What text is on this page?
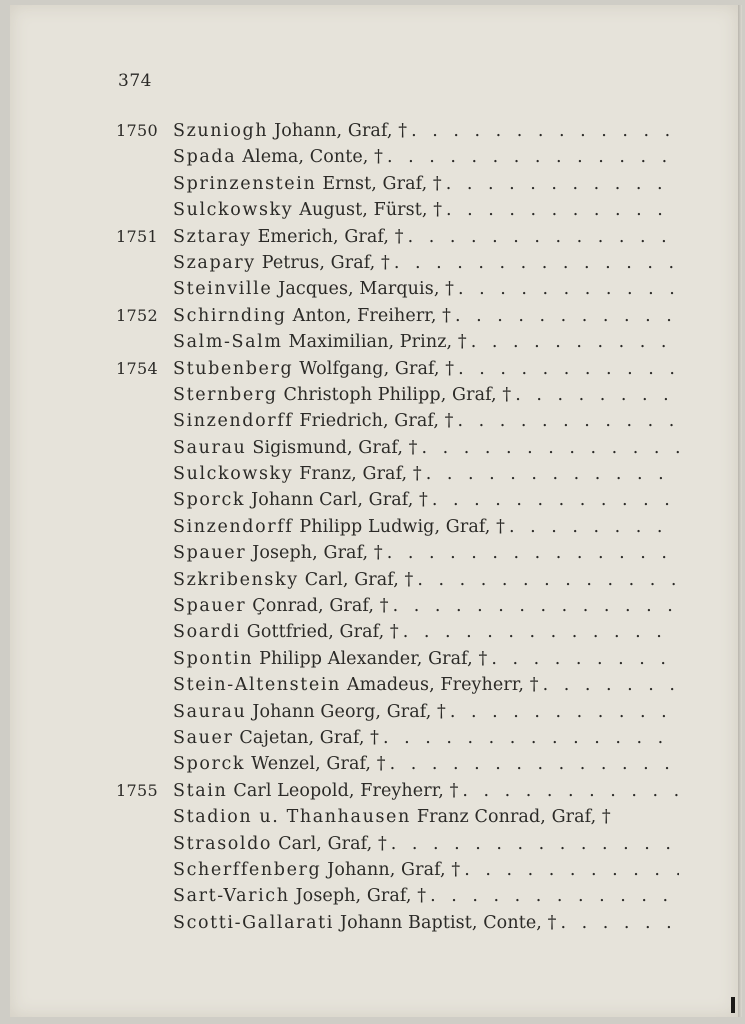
374
1750 Szuniogh Johann, Graf, †
. . .
Spada Alema, Conte, †
. . .
Sprinzenstein Ernst, Graf, †
. . .
Sulckowsky August, Fürst, †
. . .
1751 Sztaray Emerich, Graf, †
. . .
Szapary Petrus, Graf, †
. . .
Steinville Jacques, Marquis, †
. . .
1752 Schirnding Anton, Freiherr, †
. . .
Salm-Salm Maximilian, Prinz, †
. . .
1754 Stubenberg Wolfgang, Graf, †
. . .
Sternberg Christoph Philipp, Graf, †
. . .
Sinzendorff Friedrich, Graf, †
. . .
Saurau Sigismund, Graf, †
. . .
Sulckowsky Franz, Graf, †
. . .
Sporck Johann Carl, Graf, †
. . .
Sinzendorff Philipp Ludwig, Graf, †
. . .
Spauer Joseph, Graf, †
. . .
Szkribensky Carl, Graf, †
. . .
Spauer Çonrad, Graf, †
. . .
Soardi Gottfried, Graf, †
. . .
Spontin Philipp Alexander, Graf, †
. . .
Stein-Altenstein Amadeus, Freyherr, †
. . .
Saurau Johann Georg, Graf, †
. . .
Sauer Cajetan, Graf, †
. . .
Sporck Wenzel, Graf, †
. . .
1755 Stain Carl Leopold, Freyherr, †
. . .
Stadion u. Thanhausen Franz Conrad, Graf, †
Strasoldo Carl, Graf, †
. . .
Scherffenberg Johann, Graf, †
. . .
Sart-Varich Joseph, Graf, †
. . .
Scotti-Gallarati Johann Baptist, Conte, †
. . .
